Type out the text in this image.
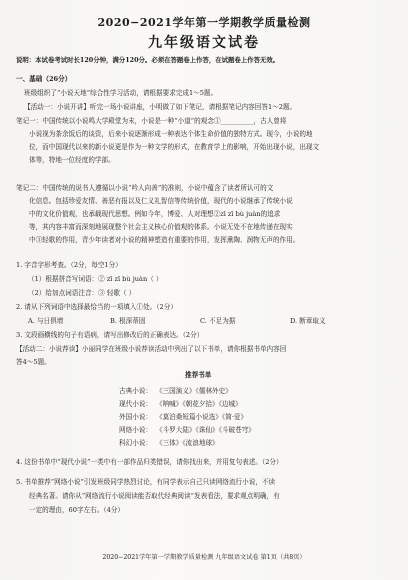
2020−2021学年第一学期教学质量检测
九年级语文试卷
说明：本试卷考试时长120分钟，满分120分。必须在答题卷上作答，在试题卷上作答无效。
一、基础（26分）
班级组织了“小说天地”综合性学习活动，请根据要求完成1～5题。
【活动一：小说开讲】听完一场小说讲座，小明做了如下笔记，请根据笔记内容回答1～2题。
笔记一：中国传统以小说鸣大学殿堂为末，小说是一种“小道”的观念①__________，古人曾将
小说视为茶余饭后的谈资，后来小说逐渐形成一种表达个体生命价值的独特方式。现今，小说的地
位，而中国现代以来的新小说更是作为一种文学的形式，在教育学上的影响，开始出现小说，出现文
体等，特地一位经度的学部。
笔记二：中国传统的说书人遵循以小说“吟人向善”的准则，小说中蕴含了读者所认可的文
化信息。包括珍爱友情、善恶有报以及仁义礼智信等传统价值，现代的小说继承了传统小说
中的文化价值观，也承载现代思想。例如今年，博爱、人对理想②zī zī bù juàn的追求
等，其内容丰富而深刻地展现整个社会主义核心价值观的体系。小说无处不在地传递在现实
中③轻歌的作用，青少年读者对小说的精神塑造有重要的作用，发挥熏陶、润物无声的作用。
1. 字音字形考查。（2分，每空1分）
（1）根据拼音写词语：② zī zī bù juàn（ ）
（2）给加点词语注音：③ 轻歌（ ）
2. 请从下列词语中选择最恰当的一项填入①处。（2分）
A. 与日俱增	B. 根深蒂固	C. 不足为据	D. 断章取义
3. 文段画横线的句子有语病，请写出修改后的正确表达。（2分）
【活动二：小说荐读】小丽同学在班级小说荐读活动中列出了以下书单，请你根据书单内容回
答4～5题。
推荐书单
古典小说： 《三国演义》《儒林外史》
现代小说： 《呐喊》《朝花夕拾》《边城》
外国小说： 《莫泊桑短篇小说选》《简·爱》
网络小说： 《斗罗大陆》《诛仙》《斗破苍穹》
科幻小说： 《三体》《流浪地球》
4. 这份书单中“现代小说”一类中有一部作品归类错误，请你找出来，并用复句表述。（2分）
5. 书单推荐“网络小说”引发班级同学热烈讨论，有同学表示自己只读网络流行小说，不读
经典名著。请你从“网络流行小说阅读能否取代经典阅读”发表看法，要求观点明确，有
一定的理由，60字左右。（4分）
2020−2021学年第一学期教学质量检测 九年级语文试卷 第1页（共8页）
